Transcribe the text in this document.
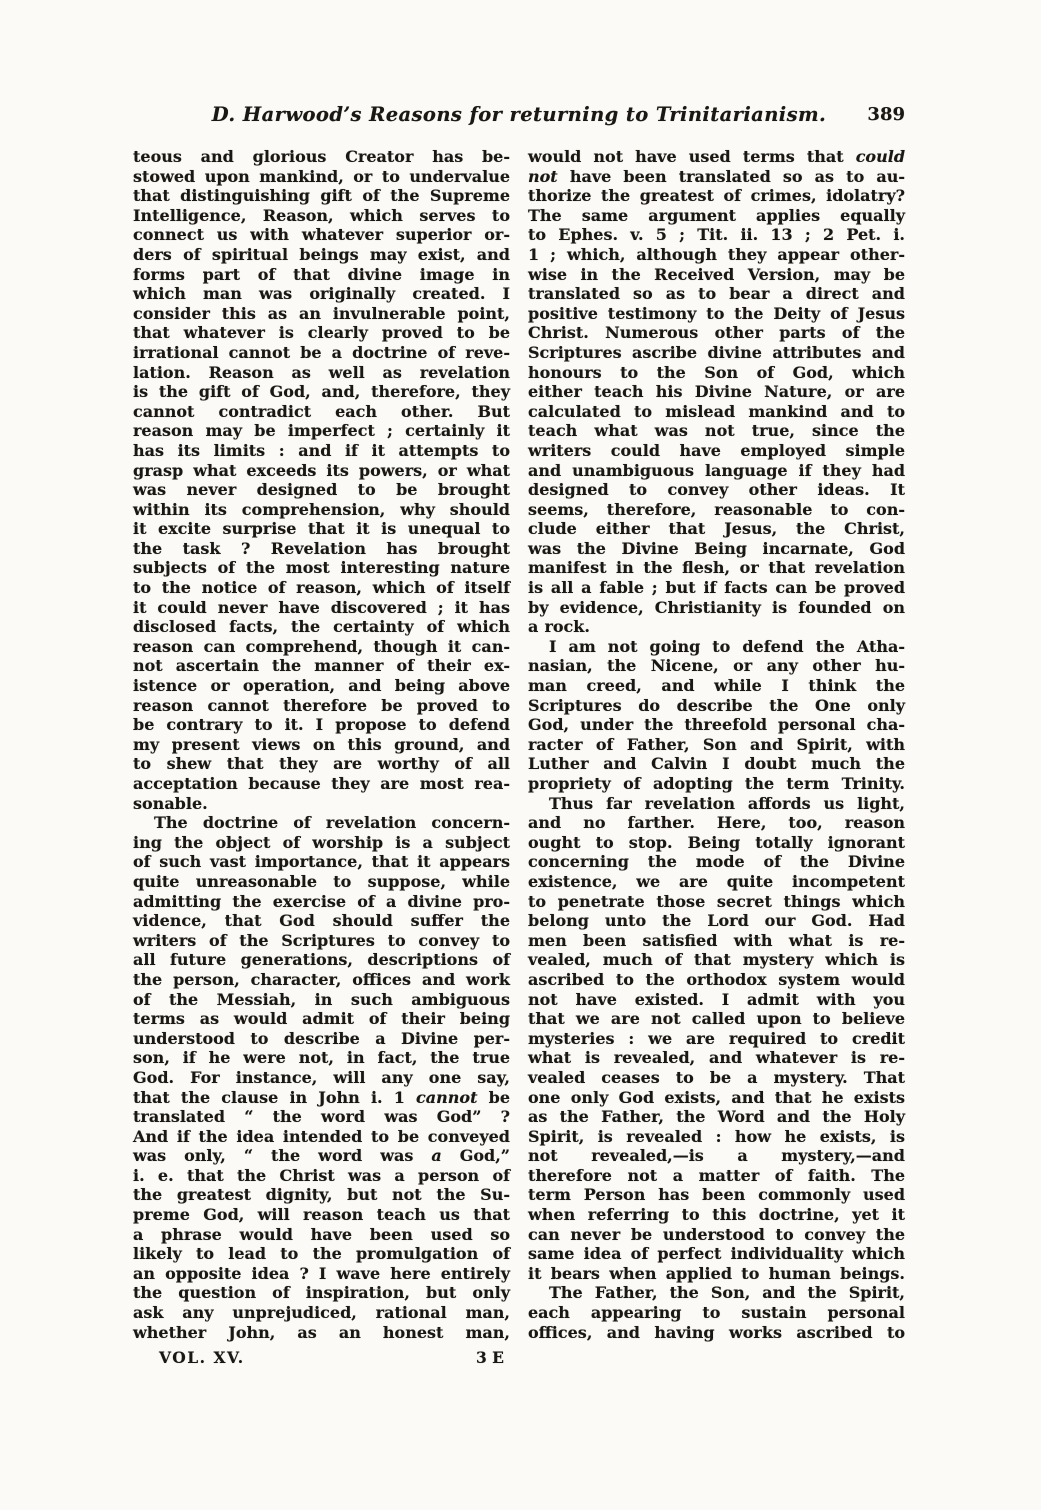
D. Harwood’s Reasons for returning to Trinitarianism.	389
teous and glorious Creator has be-
stowed upon mankind, or to undervalue
that distinguishing gift of the Supreme
Intelligence, Reason, which serves to
connect us with whatever superior or-
ders of spiritual beings may exist, and
forms part of that divine image in
which man was originally created. I
consider this as an invulnerable point,
that whatever is clearly proved to be
irrational cannot be a doctrine of reve-
lation. Reason as well as revelation
is the gift of God, and, therefore, they
cannot contradict each other. But
reason may be imperfect ; certainly it
has its limits : and if it attempts to
grasp what exceeds its powers, or what
was never designed to be brought
within its comprehension, why should
it excite surprise that it is unequal to
the task ? Revelation has brought
subjects of the most interesting nature
to the notice of reason, which of itself
it could never have discovered ; it has
disclosed facts, the certainty of which
reason can comprehend, though it can-
not ascertain the manner of their ex-
istence or operation, and being above
reason cannot therefore be proved to
be contrary to it. I propose to defend
my present views on this ground, and
to shew that they are worthy of all
acceptation because they are most rea-
sonable.
The doctrine of revelation concern-
ing the object of worship is a subject
of such vast importance, that it appears
quite unreasonable to suppose, while
admitting the exercise of a divine pro-
vidence, that God should suffer the
writers of the Scriptures to convey to
all future generations, descriptions of
the person, character, offices and work
of the Messiah, in such ambiguous
terms as would admit of their being
understood to describe a Divine per-
son, if he were not, in fact, the true
God. For instance, will any one say,
that the clause in John i. 1 cannot be
translated “ the word was God” ?
And if the idea intended to be conveyed
was only, “ the word was a God,”
i. e. that the Christ was a person of
the greatest dignity, but not the Su-
preme God, will reason teach us that
a phrase would have been used so
likely to lead to the promulgation of
an opposite idea ? I wave here entirely
the question of inspiration, but only
ask any unprejudiced, rational man,
whether John, as an honest man,
would not have used terms that could
not have been translated so as to au-
thorize the greatest of crimes, idolatry?
The same argument applies equally
to Ephes. v. 5 ; Tit. ii. 13 ; 2 Pet. i.
1 ; which, although they appear other-
wise in the Received Version, may be
translated so as to bear a direct and
positive testimony to the Deity of Jesus
Christ. Numerous other parts of the
Scriptures ascribe divine attributes and
honours to the Son of God, which
either teach his Divine Nature, or are
calculated to mislead mankind and to
teach what was not true, since the
writers could have employed simple
and unambiguous language if they had
designed to convey other ideas. It
seems, therefore, reasonable to con-
clude either that Jesus, the Christ,
was the Divine Being incarnate, God
manifest in the flesh, or that revelation
is all a fable ; but if facts can be proved
by evidence, Christianity is founded on
a rock.
I am not going to defend the Atha-
nasian, the Nicene, or any other hu-
man creed, and while I think the
Scriptures do describe the One only
God, under the threefold personal cha-
racter of Father, Son and Spirit, with
Luther and Calvin I doubt much the
propriety of adopting the term Trinity.
Thus far revelation affords us light,
and no farther. Here, too, reason
ought to stop. Being totally ignorant
concerning the mode of the Divine
existence, we are quite incompetent
to penetrate those secret things which
belong unto the Lord our God. Had
men been satisfied with what is re-
vealed, much of that mystery which is
ascribed to the orthodox system would
not have existed. I admit with you
that we are not called upon to believe
mysteries : we are required to credit
what is revealed, and whatever is re-
vealed ceases to be a mystery. That
one only God exists, and that he exists
as the Father, the Word and the Holy
Spirit, is revealed : how he exists, is
not revealed,—is a mystery,—and
therefore not a matter of faith. The
term Person has been commonly used
when referring to this doctrine, yet it
can never be understood to convey the
same idea of perfect individuality which
it bears when applied to human beings.
The Father, the Son, and the Spirit,
each appearing to sustain personal
offices, and having works ascribed to
VOL. XV.	3 E
